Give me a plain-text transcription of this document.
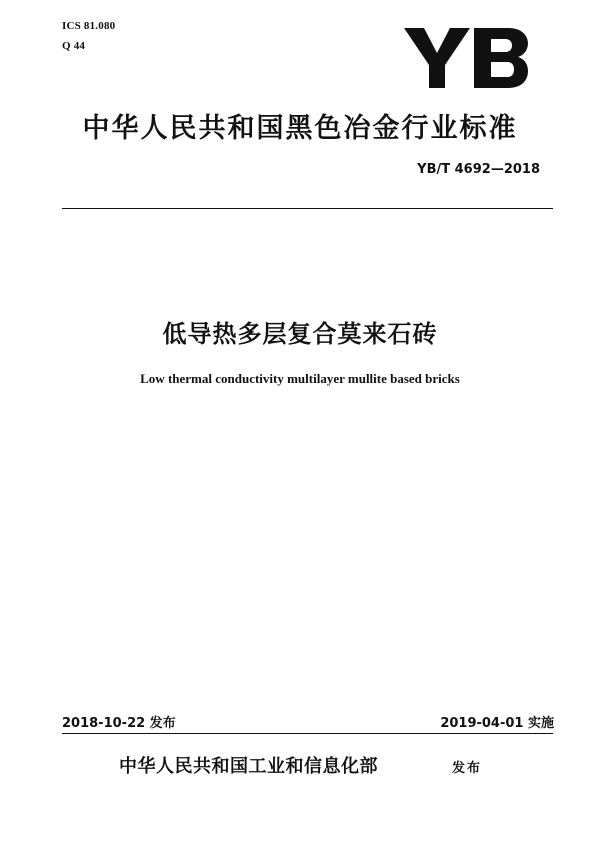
ICS 81.080
Q 44
中华人民共和国黑色冶金行业标准
YB/T 4692—2018
低导热多层复合莫来石砖
Low thermal conductivity multilayer mullite based bricks
2018-10-22 发布	2019-04-01 实施
中华人民共和国工业和信息化部	发布
